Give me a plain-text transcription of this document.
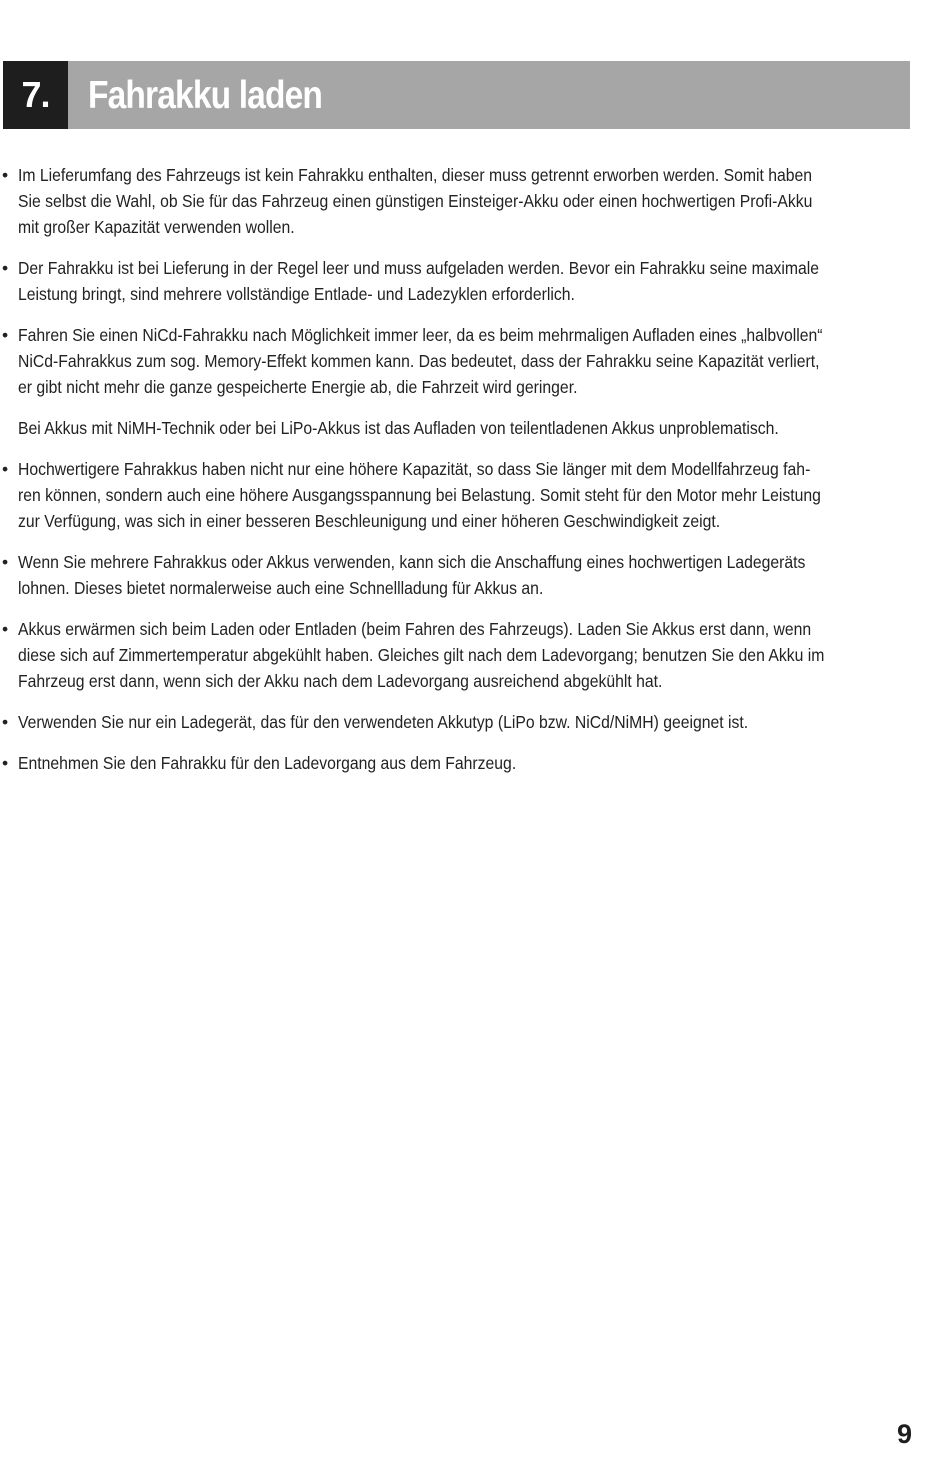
7. Fahrakku laden
• Im Lieferumfang des Fahrzeugs ist kein Fahrakku enthalten, dieser muss getrennt erworben werden. Somit haben
Sie selbst die Wahl, ob Sie für das Fahrzeug einen günstigen Einsteiger-Akku oder einen hochwertigen Profi-Akku
mit großer Kapazität verwenden wollen.
• Der Fahrakku ist bei Lieferung in der Regel leer und muss aufgeladen werden. Bevor ein Fahrakku seine maximale
Leistung bringt, sind mehrere vollständige Entlade- und Ladezyklen erforderlich.
• Fahren Sie einen NiCd-Fahrakku nach Möglichkeit immer leer, da es beim mehrmaligen Aufladen eines „halbvollen“
NiCd-Fahrakkus zum sog. Memory-Effekt kommen kann. Das bedeutet, dass der Fahrakku seine Kapazität verliert,
er gibt nicht mehr die ganze gespeicherte Energie ab, die Fahrzeit wird geringer.
Bei Akkus mit NiMH-Technik oder bei LiPo-Akkus ist das Aufladen von teilentladenen Akkus unproblematisch.
• Hochwertigere Fahrakkus haben nicht nur eine höhere Kapazität, so dass Sie länger mit dem Modellfahrzeug fah-
ren können, sondern auch eine höhere Ausgangsspannung bei Belastung. Somit steht für den Motor mehr Leistung
zur Verfügung, was sich in einer besseren Beschleunigung und einer höheren Geschwindigkeit zeigt.
• Wenn Sie mehrere Fahrakkus oder Akkus verwenden, kann sich die Anschaffung eines hochwertigen Ladegeräts
lohnen. Dieses bietet normalerweise auch eine Schnellladung für Akkus an.
• Akkus erwärmen sich beim Laden oder Entladen (beim Fahren des Fahrzeugs). Laden Sie Akkus erst dann, wenn
diese sich auf Zimmertemperatur abgekühlt haben. Gleiches gilt nach dem Ladevorgang; benutzen Sie den Akku im
Fahrzeug erst dann, wenn sich der Akku nach dem Ladevorgang ausreichend abgekühlt hat.
• Verwenden Sie nur ein Ladegerät, das für den verwendeten Akkutyp (LiPo bzw. NiCd/NiMH) geeignet ist.
• Entnehmen Sie den Fahrakku für den Ladevorgang aus dem Fahrzeug.
9
